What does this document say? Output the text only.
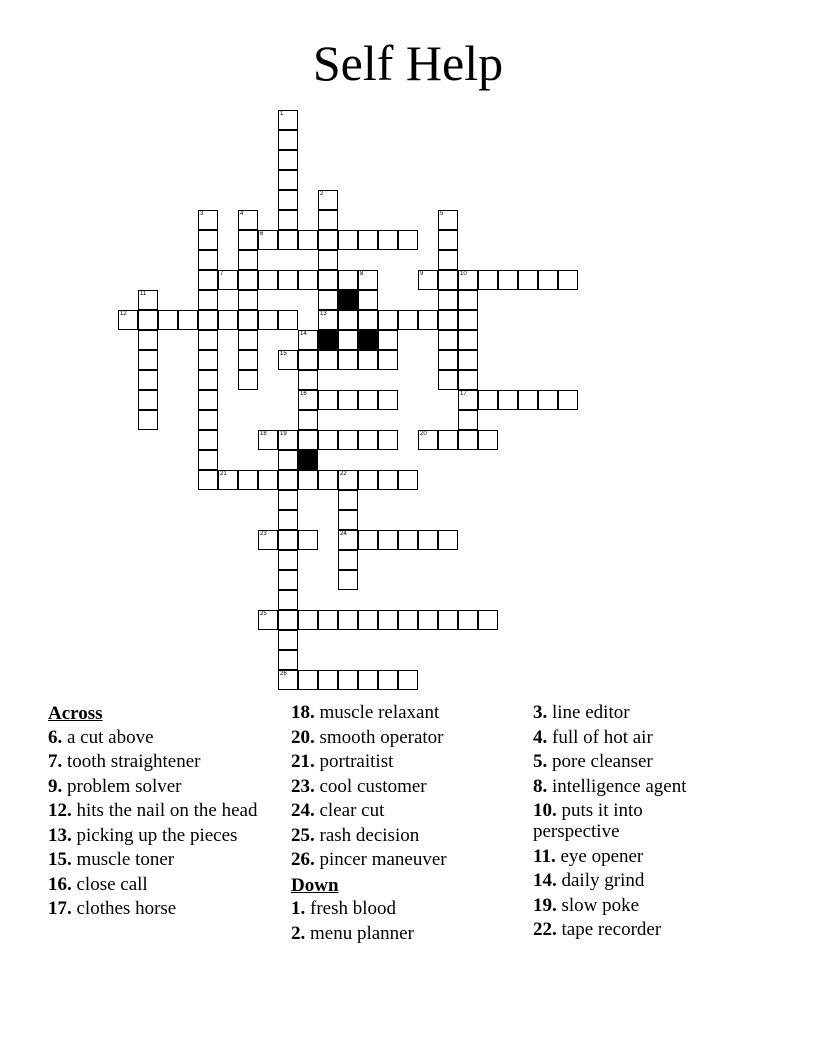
Self Help
1
2
3	4	5
6
7	8	9	10
11
12	13
14
15
16	17
18 19	20
21	22
23	24
25
26
Across
6. a cut above
7. tooth straightener
9. problem solver
12. hits the nail on the head
13. picking up the pieces
15. muscle toner
16. close call
17. clothes horse
18. muscle relaxant
20. smooth operator
21. portraitist
23. cool customer
24. clear cut
25. rash decision
26. pincer maneuver
Down
1. fresh blood
2. menu planner
3. line editor
4. full of hot air
5. pore cleanser
8. intelligence agent
10. puts it into perspective
11. eye opener
14. daily grind
19. slow poke
22. tape recorder
